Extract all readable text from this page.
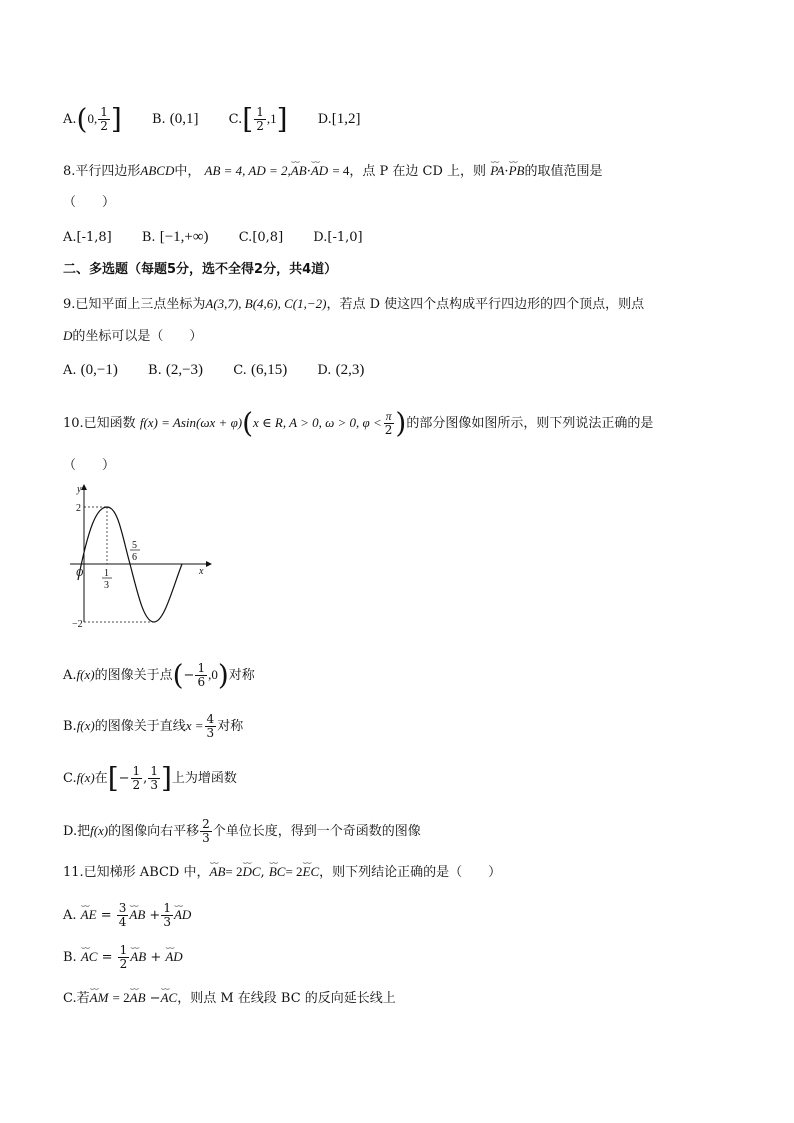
A.(0, $\frac{1}{2}$ ] B. (0,1] $C.[ \frac{1}{2} ,1]$ D.[1,2]
8.平行四边形ABCD中， AB = 4, AD = 2,⌣⌣ AB·⌣⌣ AD = 4，点 P 在边 CD 上，则 ⌣⌣ PA·⌣⌣ PB的取值范围是
（　　）
A.[-1,8] B. [−1,+∞) C.[0,8] D.[-1,0]
二、多选题（每题5分，选不全得2分，共4道）
9.已知平面上三点坐标为A(3,7), B(4,6), C(1,−2)，若点 D 使这四个点构成平行四边形的四个顶点，则点
D的坐标可以是（　　）
A. (0,−1) B. (2,−3) C. (6,15) D. (2,3)
10.已知函数 f(x) = Asin(ωx + φ)(x ∈ R, A > 0, ω > 0, $\varphi < \frac{\pi}{2}$ )的部分图像如图所示，则下列说法正确的是
（　　）
y
x
O
2
−2
1
3
5
6
A.f(x)的图像关于点(− $\frac{1}{6} ,0$)对称
B.f(x)的图像关于直线$x = \frac{4}{3}$ 对称
C.f(x)在[− $\frac{1}{2}$ , $\frac{1}{3}$ ]上为增函数
D.把f(x)的图像向右平移 $\frac{2}{3}$ 个单位长度，得到一个奇函数的图像
11.已知梯形 ABCD 中，⌣⌣ AB= 2⌣⌣ DC, ⌣⌣ BC= 2⌣⌣ EC，则下列结论正确的是（　　）
A. ⌣⌣ AE = $\frac{3}{4}$ ⌣⌣ AB + $\frac{1}{3}$ ⌣⌣ AD
B. ⌣⌣ AC = $\frac{1}{2}$ ⌣⌣ AB + ⌣⌣ AD
C.若⌣⌣ AM = 2⌣⌣ AB −⌣⌣ AC，则点 M 在线段 BC 的反向延长线上
